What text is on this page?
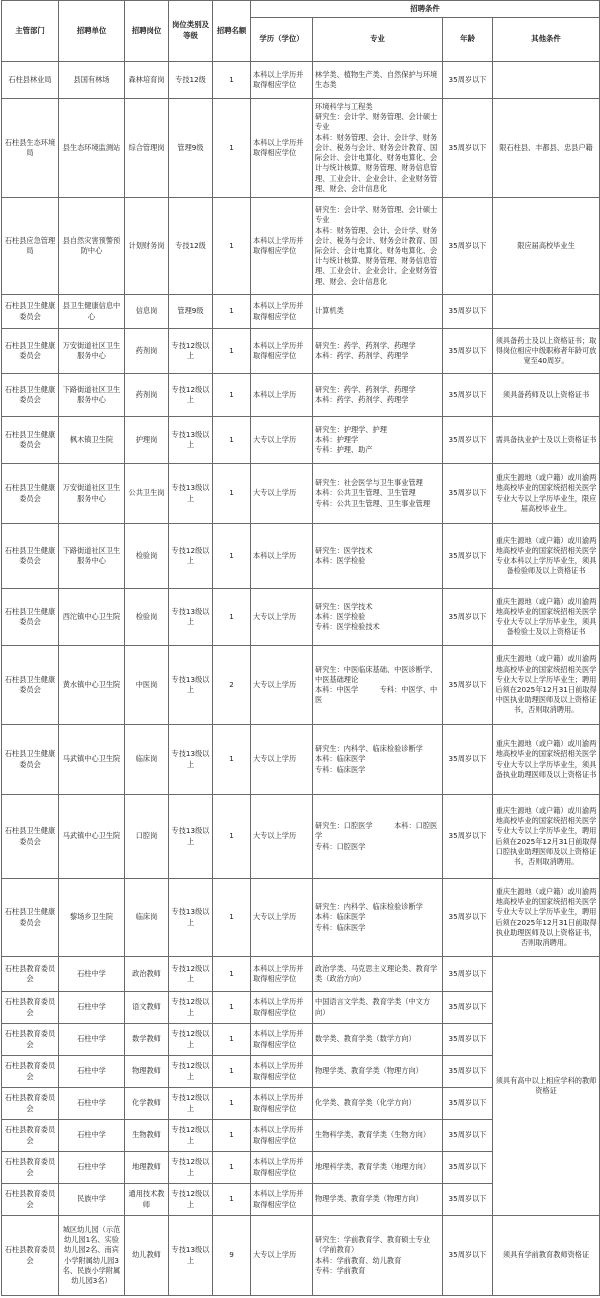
主管部门	招聘单位	招聘岗位	岗位类别及等级	招聘名额	招聘条件			
					学历（学位）	专业	年龄	其他条件

石柱县林业局	县国有林场	森林培育岗	专技12级	1	本科以上学历并取得相应学位	林学类、植物生产类、自然保护与环境生态类	35周岁以下	

石柱县生态环境局	县生态环境监测站	综合管理岗	管理9级	1	本科以上学历并取得相应学位	环境科学与工程类
研究生：会计学、财务管理、会计硕士专业
本科：财务管理、会计、会计学、财务会计、税务与会计、财务会计教育、国际会计、会计电算化、财务电算化、会计与统计核算、财务管理、财务信息管理、工业会计、企业会计、企业财务管理、财会、会计信息化	35周岁以下	限石柱县、丰都县、忠县户籍

石柱县应急管理局	县自然灾害预警预防中心	计划财务岗	专技12级	1	本科以上学历并取得相应学位	研究生：会计学、财务管理、会计硕士专业
本科：财务管理、会计、会计学、财务会计、税务与会计、财务会计教育、国际会计、会计电算化、财务电算化、会计与统计核算、财务管理、财务信息管理、工业会计、企业会计、企业财务管理、财会、会计信息化	35周岁以下	限应届高校毕业生

石柱县卫生健康委员会	县卫生健康信息中心	信息岗	管理9级	1	本科以上学历并取得相应学位	计算机类	35周岁以下	

石柱县卫生健康委员会	万安街道社区卫生服务中心	药剂岗	专技12级以上	1	本科以上学历并取得相应学位	研究生：药学、药剂学、药理学
本科：药学、药剂学、药理学	35周岁以下	须具备药士及以上资格证书；取得岗位相应中级职称者年龄可放宽至40周岁。

石柱县卫生健康委员会	下路街道社区卫生服务中心	药剂岗	专技12级以上	1	本科以上学历	研究生：药学、药剂学、药理学
本科：药学、药剂学、药理学	35周岁以下	须具备药师及以上资格证书

石柱县卫生健康委员会	枫木镇卫生院	护理岗	专技13级以上	1	大专以上学历	研究生：护理学、护理
本科：护理学
专科：护理、助产	35周岁以下	需具备执业护士及以上资格证书

石柱县卫生健康委员会	万安街道社区卫生服务中心	公共卫生岗	专技13级以上	1	大专以上学历	研究生：社会医学与卫生事业管理
本科：公共卫生管理、卫生管理
专科：公共卫生管理、卫生事业管理	35周岁以下	重庆生源地（或户籍）或川渝两地高校毕业的国家统招相关医学专业大专以上学历毕业生，限应届高校毕业生。

石柱县卫生健康委员会	下路街道社区卫生服务中心	检验岗	专技12级以上	1	本科以上学历	研究生：医学技术
本科：医学检验	35周岁以下	重庆生源地（或户籍）或川渝两地高校毕业的国家统招相关医学专业本科以上学历毕业生，须具备检验师及以上资格证书

石柱县卫生健康委员会	西沱镇中心卫生院	检验岗	专技13级以上	1	大专以上学历	研究生：医学技术
本科：医学检验
专科：医学检验技术	35周岁以下	重庆生源地（或户籍）或川渝两地高校毕业的国家统招相关医学专业大专以上学历毕业生，须具备检验士及以上资格证书

石柱县卫生健康委员会	黄水镇中心卫生院	中医岗	专技13级以上	2	大专以上学历	研究生：中医临床基础、中医诊断学、中医基础理论
本科：中医学　　　专科：中医学、中医	35周岁以下	重庆生源地（或户籍）或川渝两地高校毕业的国家统招相关医学专业大专以上学历毕业生；聘用后须在2025年12月31日前取得中医执业助理医师及以上资格证书，否则取消聘用。

石柱县卫生健康委员会	马武镇中心卫生院	临床岗	专技13级以上	1	大专以上学历	研究生：内科学、临床检验诊断学
本科：临床医学
专科：临床医学	35周岁以下	重庆生源地（或户籍）或川渝两地高校毕业的国家统招相关医学专业大专以上学历毕业生，须具备执业助理医师及以上资格证书

石柱县卫生健康委员会	马武镇中心卫生院	口腔岗	专技13级以上	1	大专以上学历	研究生：口腔医学　　　本科：口腔医学
专科：口腔医学	35周岁以下	重庆生源地（或户籍）或川渝两地高校毕业的国家统招相关医学专业大专以上学历毕业生，聘用后须在2025年12月31日前取得口腔执业助理医师及以上资格证书，否则取消聘用。

石柱县卫生健康委员会	黎场乡卫生院	临床岗	专技13级以上	1	大专以上学历	研究生：内科学、临床检验诊断学
本科：临床医学
专科：临床医学	35周岁以下	重庆生源地（或户籍）或川渝两地高校毕业的国家统招相关医学专业大专以上学历毕业生，聘用后须在2025年12月31日前取得执业助理医师及以上资格证书，否则取消聘用。

石柱县教育委员会	石柱中学	政治教师	专技12级以上	1	本科以上学历并取得相应学位	政治学类、马克思主义理论类、教育学类（政治方向）	35周岁以下	须具有高中以上相应学科的教师资格证

石柱县教育委员会	石柱中学	语文教师	专技12级以上	1	本科以上学历并取得相应学位	中国语言文学类、教育学类（中文方向）	35周岁以下	

石柱县教育委员会	石柱中学	数学教师	专技12级以上	1	本科以上学历并取得相应学位	数学类、教育学类（数学方向）	35周岁以下	

石柱县教育委员会	石柱中学	物理教师	专技12级以上	1	本科以上学历并取得相应学位	物理学类、教育学类（物理方向）	35周岁以下	

石柱县教育委员会	石柱中学	化学教师	专技12级以上	1	本科以上学历并取得相应学位	化学类、教育学类（化学方向）	35周岁以下	

石柱县教育委员会	石柱中学	生物教师	专技12级以上	1	本科以上学历并取得相应学位	生物科学类、教育学类（生物方向）	35周岁以下	

石柱县教育委员会	石柱中学	地理教师	专技12级以上	1	本科以上学历并取得相应学位	地理科学类、教育学类（地理方向）	35周岁以下	

石柱县教育委员会	民族中学	通用技术教师	专技12级以上	1	本科以上学历并取得相应学位	物理学类、教育学类（物理方向）	35周岁以下	

石柱县教育委员会	城区幼儿园（示范幼儿园1名、实验幼儿园2名、南宾小学附属幼儿园3名、民族小学附属幼儿园3名）	幼儿教师	专技13级以上	9	大专以上学历	研究生：学前教育学、教育硕士专业（学前教育）
本科：学前教育、幼儿教育
专科：学前教育	35周岁以下	须具有学前教育教师资格证
